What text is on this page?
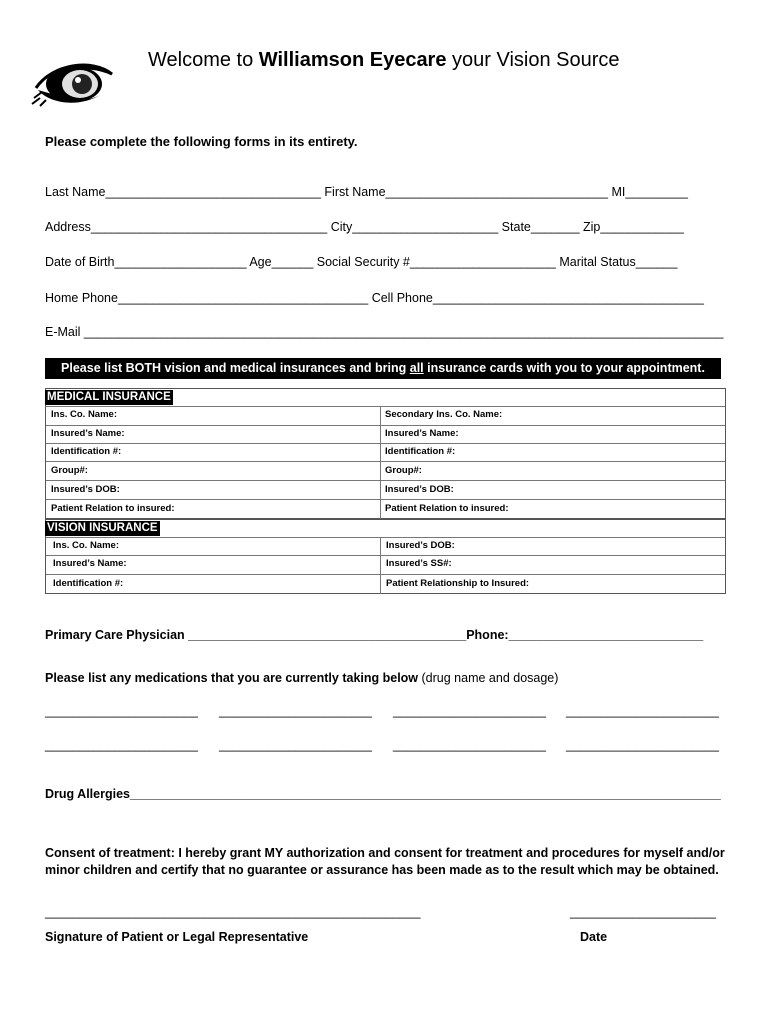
Welcome to Williamson Eyecare your Vision Source
Please complete the following forms in its entirety.
Last Name_______________________________ First Name________________________________ MI_________
Address__________________________________ City_____________________ State_______ Zip____________
Date of Birth___________________ Age______ Social Security #_____________________ Marital Status______
Home Phone____________________________________ Cell Phone_______________________________________
E-Mail ____________________________________________________________________________________________
Please list BOTH vision and medical insurances and bring all insurance cards with you to your appointment.
MEDICAL INSURANCE
Ins. Co. Name:
Insured’s Name:
Identification #:
Group#:
Insured’s DOB:
Patient Relation to insured:
Secondary Ins. Co. Name:
Insured’s Name:
Identification #:
Group#:
Insured’s DOB:
Patient Relation to insured:
VISION INSURANCE
Ins. Co. Name:
Insured’s Name:
Identification #:
Insured’s DOB:
Insured’s SS#:
Patient Relationship to Insured:
Primary Care Physician ________________________________________Phone:____________________________
Please list any medications that you are currently taking below (drug name and dosage)
______________________ ______________________ ______________________ ______________________
______________________ ______________________ ______________________ ______________________
Drug Allergies_____________________________________________________________________________________
Consent of treatment: I hereby grant MY authorization and consent for treatment and procedures for myself and/or
minor children and certify that no guarantee or assurance has been made as to the result which may be obtained.
______________________________________________________	_____________________
Signature of Patient or Legal Representative	Date
